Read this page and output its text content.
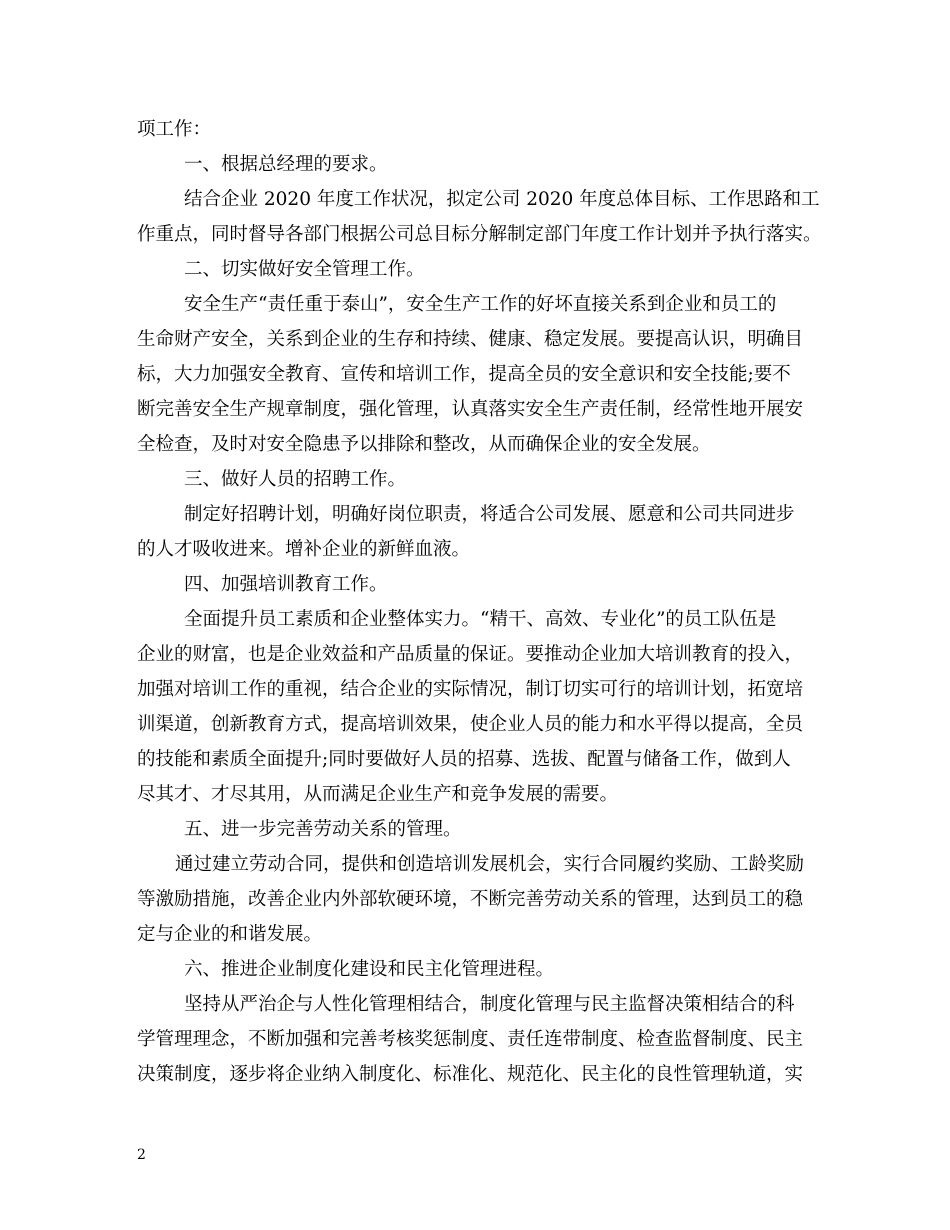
项工作：
一、根据总经理的要求。
结合企业 2020 年度工作状况，拟定公司 2020 年度总体目标、工作思路和工
作重点，同时督导各部门根据公司总目标分解制定部门年度工作计划并予执行落实。
二、切实做好安全管理工作。
安全生产“责任重于泰山”，安全生产工作的好坏直接关系到企业和员工的
生命财产安全，关系到企业的生存和持续、健康、稳定发展。要提高认识，明确目
标，大力加强安全教育、宣传和培训工作，提高全员的安全意识和安全技能;要不
断完善安全生产规章制度，强化管理，认真落实安全生产责任制，经常性地开展安
全检查，及时对安全隐患予以排除和整改，从而确保企业的安全发展。
三、做好人员的招聘工作。
制定好招聘计划，明确好岗位职责，将适合公司发展、愿意和公司共同进步
的人才吸收进来。增补企业的新鲜血液。
四、加强培训教育工作。
全面提升员工素质和企业整体实力。“精干、高效、专业化”的员工队伍是
企业的财富，也是企业效益和产品质量的保证。要推动企业加大培训教育的投入，
加强对培训工作的重视，结合企业的实际情况，制订切实可行的培训计划，拓宽培
训渠道，创新教育方式，提高培训效果，使企业人员的能力和水平得以提高，全员
的技能和素质全面提升;同时要做好人员的招募、选拔、配置与储备工作，做到人
尽其才、才尽其用，从而满足企业生产和竞争发展的需要。
五、进一步完善劳动关系的管理。
通过建立劳动合同，提供和创造培训发展机会，实行合同履约奖励、工龄奖励
等激励措施，改善企业内外部软硬环境，不断完善劳动关系的管理，达到员工的稳
定与企业的和谐发展。
六、推进企业制度化建设和民主化管理进程。
坚持从严治企与人性化管理相结合，制度化管理与民主监督决策相结合的科
学管理理念，不断加强和完善考核奖惩制度、责任连带制度、检查监督制度、民主
决策制度，逐步将企业纳入制度化、标准化、规范化、民主化的良性管理轨道，实
2
